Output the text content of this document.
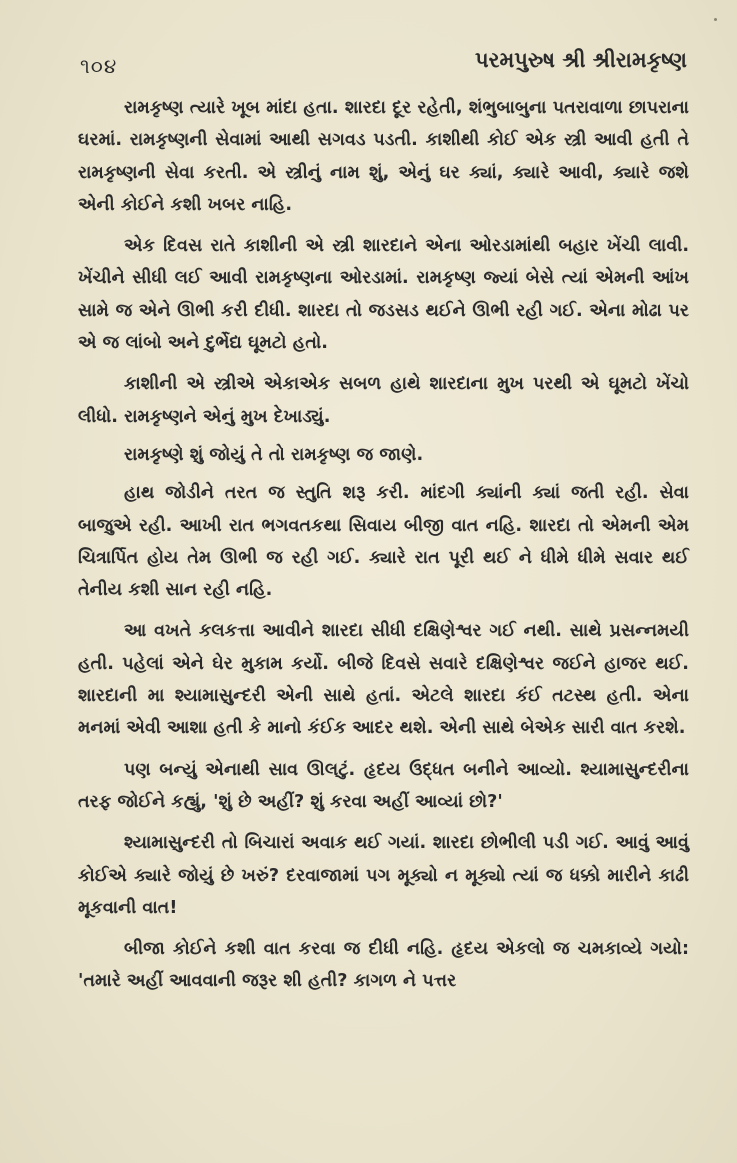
૧૦૪	પરમપુરુષ શ્રી શ્રીરામકૃષ્ણ

રામકૃષ્ણ ત્યારે ખૂબ માંદા હતા. શારદા દૂર રહેતી, શંભુબાબુના પતરાવાળા છાપરાના ઘરમાં. રામકૃષ્ણની સેવામાં આથી સગવડ પડતી. કાશીથી કોઈ એક સ્ત્રી આવી હતી તે રામકૃષ્ણની સેવા કરતી. એ સ્ત્રીનું નામ શું, એનું ઘર ક્યાં, ક્યારે આવી, ક્યારે જશે એની કોઈને કશી ખબર નાહિ.

એક દિવસ રાતે કાશીની એ સ્ત્રી શારદાને એના ઓરડામાંથી બહાર ખેંચી લાવી. ખેંચીને સીધી લઈ આવી રામકૃષ્ણના ઓરડામાં. રામકૃષ્ણ જ્યાં બેસે ત્યાં એમની આંખ સામે જ એને ઊભી કરી દીધી. શારદા તો જડસડ થઈને ઊભી રહી ગઈ. એના મોઢા પર એ જ લાંબો અને દુર્ભેદ્ય ઘૂમટો હતો.

કાશીની એ સ્ત્રીએ એકાએક સબળ હાથે શારદાના મુખ પરથી એ ઘૂમટો ખેંચો લીધો. રામકૃષ્ણને એનું મુખ દેખાડ્યું.

રામકૃષ્ણે શું જોયું તે તો રામકૃષ્ણ જ જાણે.

હાથ જોડીને તરત જ સ્તુતિ શરૂ કરી. માંદગી ક્યાંની ક્યાં જતી રહી. સેવા બાજુએ રહી. આખી રાત ભગવતકથા સિવાય બીજી વાત નહિ. શારદા તો એમની એમ ચિત્રાર્પિત હોય તેમ ઊભી જ રહી ગઈ. ક્યારે રાત પૂરી થઈ ને ધીમે ધીમે સવાર થઈ તેનીય કશી સાન રહી નહિ.

આ વખતે કલકત્તા આવીને શારદા સીધી દક્ષિણેશ્વર ગઈ નથી. સાથે પ્રસન્નમયી હતી. પહેલાં એને ઘેર મુકામ કર્યો. બીજે દિવસે સવારે દક્ષિણેશ્વર જઈને હાજર થઈ. શારદાની મા શ્યામાસુન્દરી એની સાથે હતાં. એટલે શારદા કંઈ તટસ્થ હતી. એના મનમાં એવી આશા હતી કે માનો કંઈક આદર થશે. એની સાથે બેએક સારી વાત કરશે.

પણ બન્યું એનાથી સાવ ઊલટું. હૃદય ઉદ્ધત બનીને આવ્યો. શ્યામાસુન્દરીના તરફ જોઈને કહ્યું, 'શું છે અહીં? શું કરવા અહીં આવ્યાં છો?'

શ્યામાસુન્દરી તો બિચારાં અવાક થઈ ગયાં. શારદા છોભીલી પડી ગઈ. આવું આવું કોઈએ ક્યારે જોયું છે ખરું? દરવાજામાં પગ મૂક્યો ન મૂક્યો ત્યાં જ ધક્કો મારીને કાઢી મૂકવાની વાત!

બીજા કોઈને કશી વાત કરવા જ દીધી નહિ. હૃદય એકલો જ ચમકાવ્યે ગયો: 'તમારે અહીં આવવાની જરૂર શી હતી? કાગળ ને પત્તર
